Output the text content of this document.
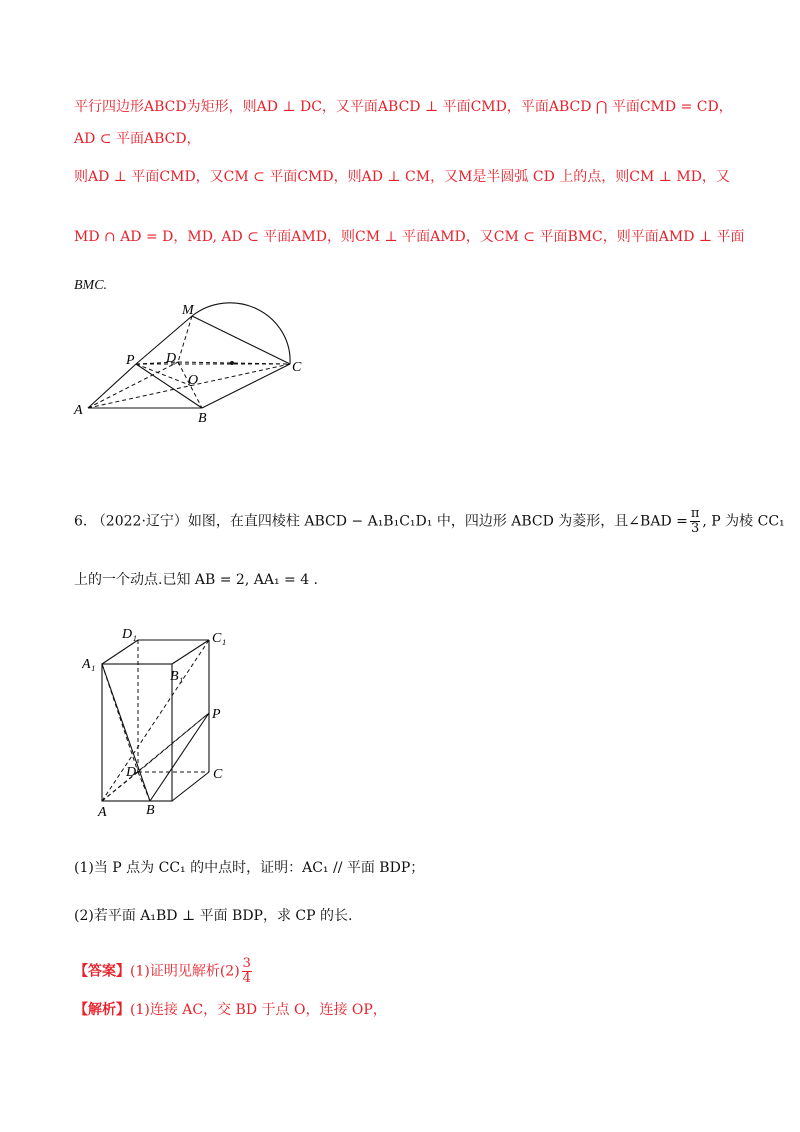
平行四边形ABCD为矩形，则AD ⊥ DC，又平面ABCD ⊥ 平面CMD，平面ABCD ⋂ 平面CMD = CD，
AD ⊂ 平面ABCD，
则AD ⊥ 平面CMD，又CM ⊂ 平面CMD，则AD ⊥ CM，又M是半圆弧 CD 上的点，则CM ⊥ MD，又
MD ∩ AD = D，MD, AD ⊂ 平面AMD，则CM ⊥ 平面AMD，又CM ⊂ 平面BMC，则平面AMD ⊥ 平面
BMC.
M
P D
O
C
A
B
6. （2022·辽宁）如图，在直四棱柱 ABCD − A₁B₁C₁D₁ 中，四边形 ABCD 为菱形，且∠BAD = $\frac{\pi}{3}$ , P 为棱 CC₁
上的一个动点.已知 AB = 2, AA₁ = 4 .
D₁	C₁
A₁
B₁
P
D	C
A	B
(1)当 P 点为 CC₁ 的中点时，证明：AC₁ // 平面 BDP；
(2)若平面 A₁BD ⊥ 平面 BDP，求 CP 的长.
【答案】(1)证明见解析$(2) \frac{3}{4}$
【解析】(1)连接 AC，交 BD 于点 O，连接 OP，
